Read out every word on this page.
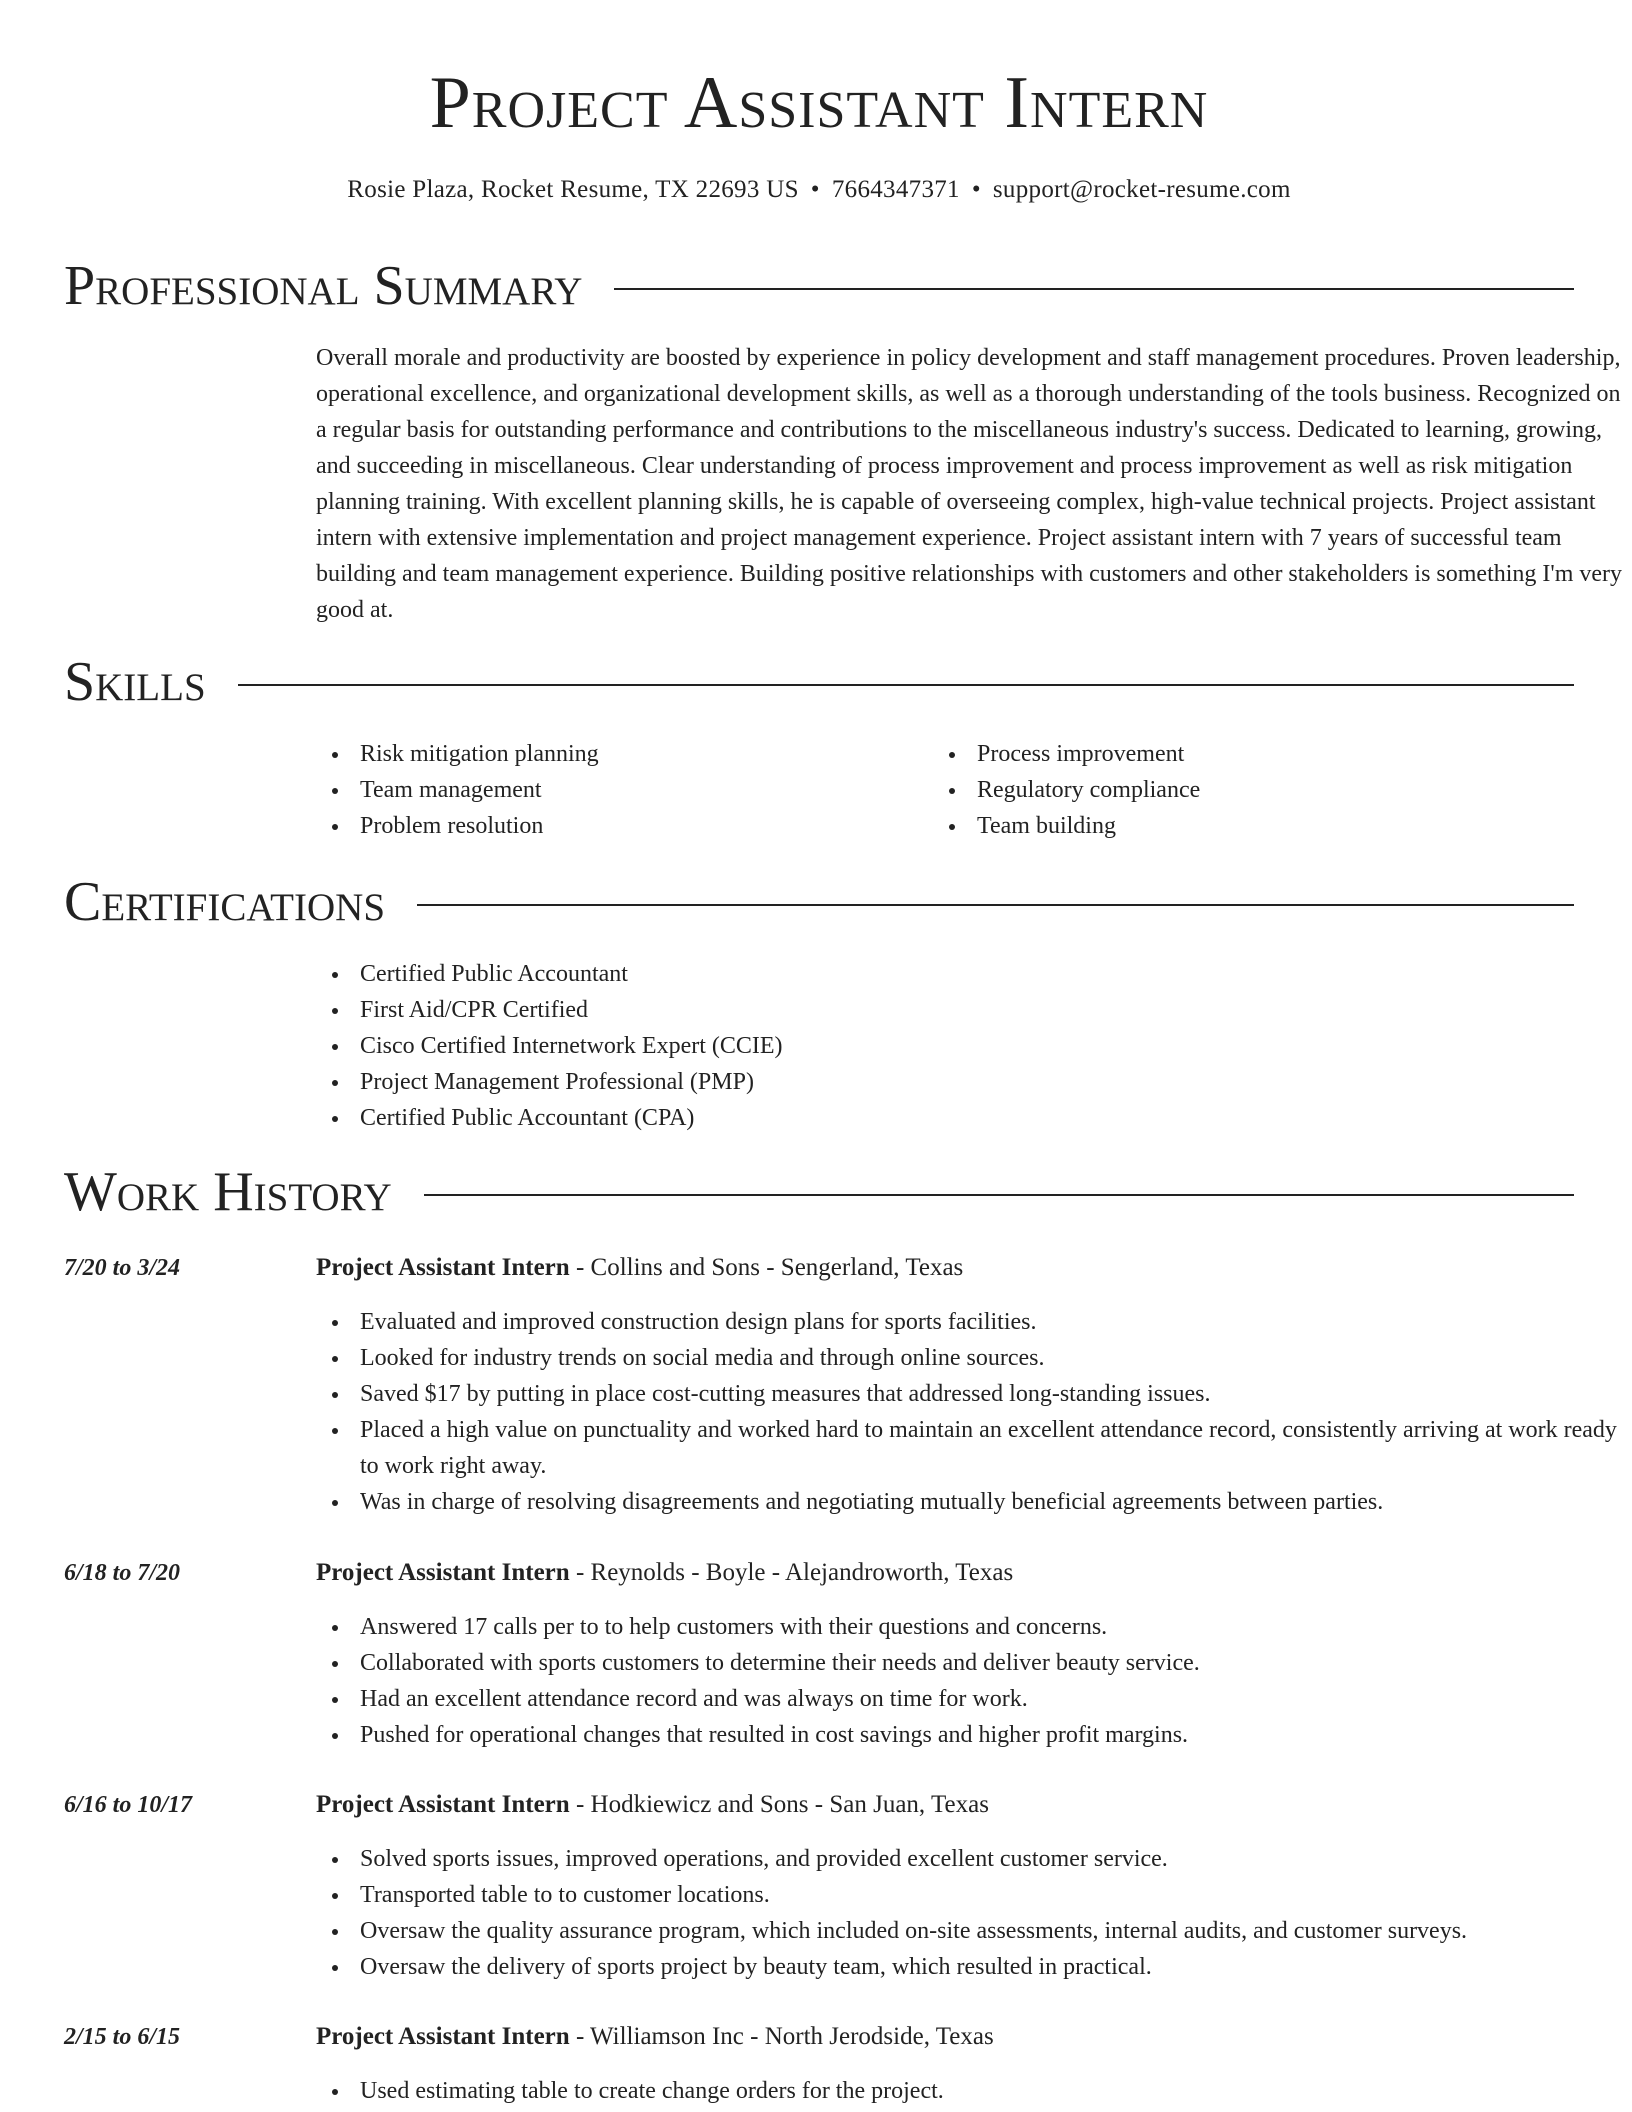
Project Assistant Intern
Rosie Plaza, Rocket Resume, TX 22693 US • 7664347371 • support@rocket-resume.com
Professional Summary

Overall morale and productivity are boosted by experience in policy development and staff management procedures. Proven leadership, operational excellence, and organizational development skills, as well as a thorough understanding of the tools business. Recognized on a regular basis for outstanding performance and contributions to the miscellaneous industry's success. Dedicated to learning, growing, and succeeding in miscellaneous. Clear understanding of process improvement and process improvement as well as risk mitigation planning training. With excellent planning skills, he is capable of overseeing complex, high-value technical projects. Project assistant intern with extensive implementation and project management experience. Project assistant intern with 7 years of successful team building and team management experience. Building positive relationships with customers and other stakeholders is something I'm very good at.

Skills
Risk mitigation planning
Team management
Problem resolution
Process improvement
Regulatory compliance
Team building
Certifications
Certified Public Accountant
First Aid/CPR Certified
Cisco Certified Internetwork Expert (CCIE)
Project Management Professional (PMP)
Certified Public Accountant (CPA)
Work History
7/20 to 3/24	Project Assistant Intern - Collins and Sons - Sengerland, Texas
Evaluated and improved construction design plans for sports facilities.
Looked for industry trends on social media and through online sources.
Saved $17 by putting in place cost-cutting measures that addressed long-standing issues.
Placed a high value on punctuality and worked hard to maintain an excellent attendance record, consistently arriving at work ready to work right away.
Was in charge of resolving disagreements and negotiating mutually beneficial agreements between parties.
6/18 to 7/20	Project Assistant Intern - Reynolds - Boyle - Alejandroworth, Texas
Answered 17 calls per to to help customers with their questions and concerns.
Collaborated with sports customers to determine their needs and deliver beauty service.
Had an excellent attendance record and was always on time for work.
Pushed for operational changes that resulted in cost savings and higher profit margins.
6/16 to 10/17	Project Assistant Intern - Hodkiewicz and Sons - San Juan, Texas
Solved sports issues, improved operations, and provided excellent customer service.
Transported table to to customer locations.
Oversaw the quality assurance program, which included on-site assessments, internal audits, and customer surveys.
Oversaw the delivery of sports project by beauty team, which resulted in practical.
2/15 to 6/15	Project Assistant Intern - Williamson Inc - North Jerodside, Texas
Used estimating table to create change orders for the project.
